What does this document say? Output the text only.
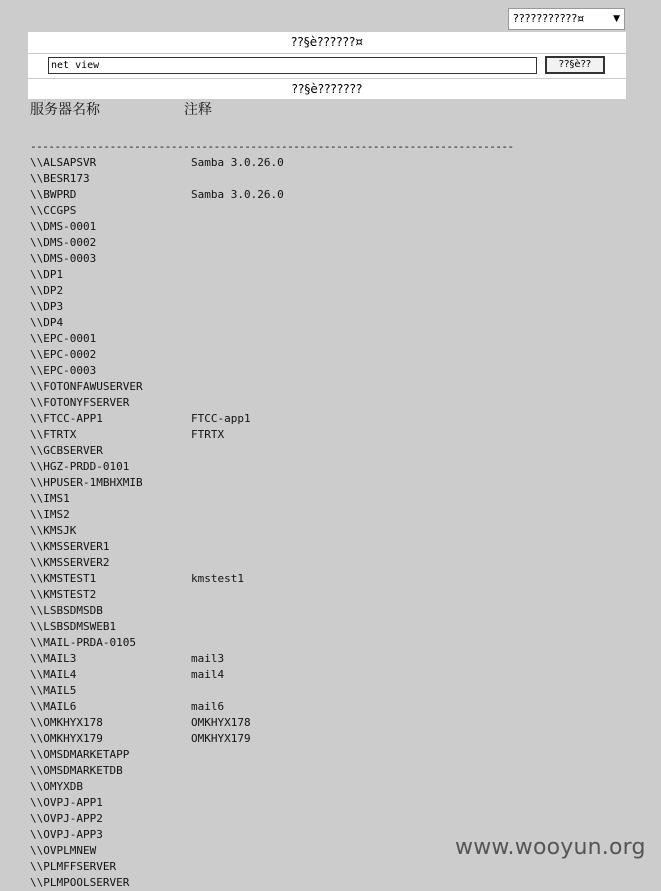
???????????¤	▼
??§è??????¤
net view	??§è??
??§è???????
服务器名称	注释
-------------------------------------------------------------------------------
\\ALSAPSVR	Samba 3.0.26.0
\\BESR173
\\BWPRD	Samba 3.0.26.0
\\CCGPS
\\DMS-0001
\\DMS-0002
\\DMS-0003
\\DP1
\\DP2
\\DP3
\\DP4
\\EPC-0001
\\EPC-0002
\\EPC-0003
\\FOTONFAWUSERVER
\\FOTONYFSERVER
\\FTCC-APP1	FTCC-app1
\\FTRTX	FTRTX
\\GCBSERVER
\\HGZ-PRDD-0101
\\HPUSER-1MBHXMIB
\\IMS1
\\IMS2
\\KMSJK
\\KMSSERVER1
\\KMSSERVER2
\\KMSTEST1	kmstest1
\\KMSTEST2
\\LSBSDMSDB
\\LSBSDMSWEB1
\\MAIL-PRDA-0105
\\MAIL3	mail3
\\MAIL4	mail4
\\MAIL5
\\MAIL6	mail6
\\OMKHYX178	OMKHYX178
\\OMKHYX179	OMKHYX179
\\OMSDMARKETAPP
\\OMSDMARKETDB
\\OMYXDB
\\OVPJ-APP1
\\OVPJ-APP2
\\OVPJ-APP3
\\OVPLMNEW
\\PLMFFSERVER
\\PLMPOOLSERVER
www.wooyun.org
